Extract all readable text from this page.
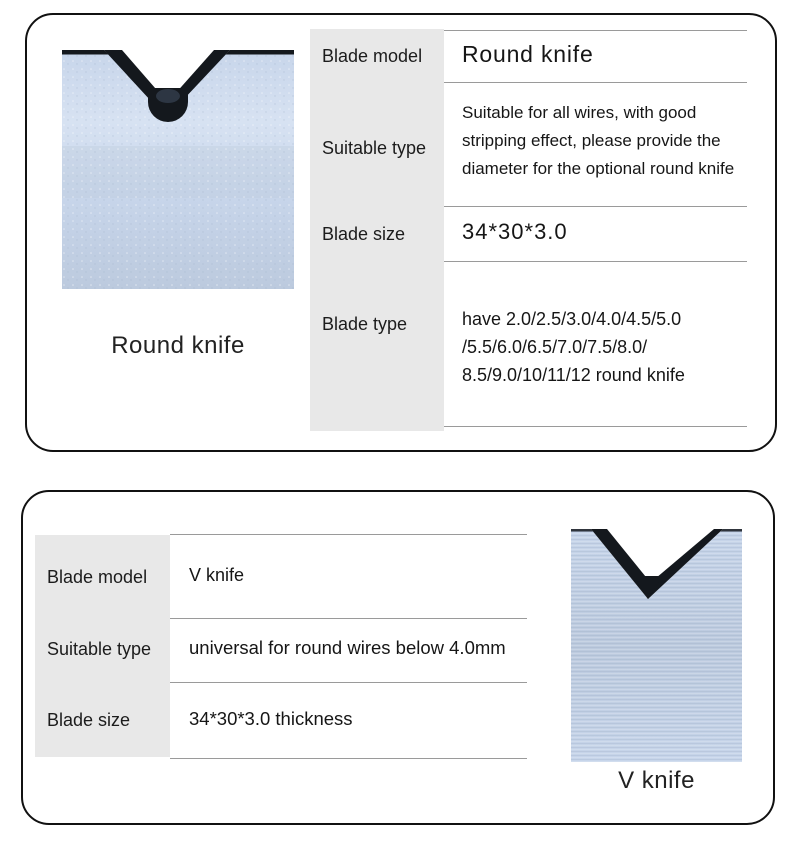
Round knife
Blade model
Suitable type
Blade size
Blade type
Round knife
Suitable for all wires, with good
stripping effect, please provide the
diameter for the optional round knife
34*30*3.0
have 2.0/2.5/3.0/4.0/4.5/5.0
/5.5/6.0/6.5/7.0/7.5/8.0/
8.5/9.0/10/11/12 round knife
Blade model
Suitable type
Blade size
V knife
universal for round wires below 4.0mm
34*30*3.0 thickness
V knife
